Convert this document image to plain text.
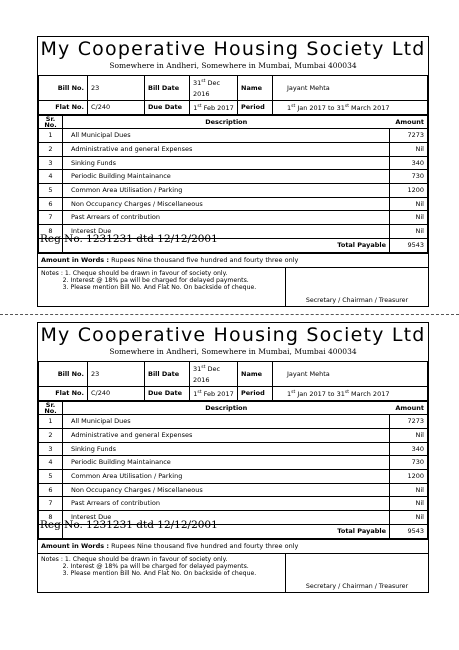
My Cooperative Housing Society Ltd
Somewhere in Andheri, Somewhere in Mumbai, Mumbai 400034
Bill No.	23	Bill Date	31st Dec 2016	Name	Jayant Mehta
Flat No.	C/240	Due Date	1st Feb 2017	Period	1st Jan 2017 to 31st March 2017
Sr.
No.	Description	Amount
1	All Municipal Dues	7273
2	Administrative and general Expenses	Nil
3	Sinking Funds	340
4	Periodic Building Maintainance	730
5	Common Area Utilisation / Parking	1200
6	Non Occupancy Charges / Miscellaneous	Nil
7	Past Arrears of contribution	Nil
8	Interest Due	Nil
	Total Payable	9543
Amount in Words : Rupees Nine thousand five hundred and fourty three only
Notes : 1. Cheque should be drawn in favour of society only.
2. Interest @ 18% pa will be charged for delayed payments.
3. Please mention Bill No. And Flat No. On backside of cheque.
Secretary / Chairman / Treasurer
Reg No. 1231231 dtd 12/12/2001
My Cooperative Housing Society Ltd
Somewhere in Andheri, Somewhere in Mumbai, Mumbai 400034
Bill No.	23	Bill Date	31st Dec 2016	Name	Jayant Mehta
Flat No.	C/240	Due Date	1st Feb 2017	Period	1st Jan 2017 to 31st March 2017
Sr.
No.	Description	Amount
1	All Municipal Dues	7273
2	Administrative and general Expenses	Nil
3	Sinking Funds	340
4	Periodic Building Maintainance	730
5	Common Area Utilisation / Parking	1200
6	Non Occupancy Charges / Miscellaneous	Nil
7	Past Arrears of contribution	Nil
8	Interest Due	Nil
	Total Payable	9543
Amount in Words : Rupees Nine thousand five hundred and fourty three only
Notes : 1. Cheque should be drawn in favour of society only.
2. Interest @ 18% pa will be charged for delayed payments.
3. Please mention Bill No. And Flat No. On backside of cheque.
Secretary / Chairman / Treasurer
Reg No. 1231231 dtd 12/12/2001
